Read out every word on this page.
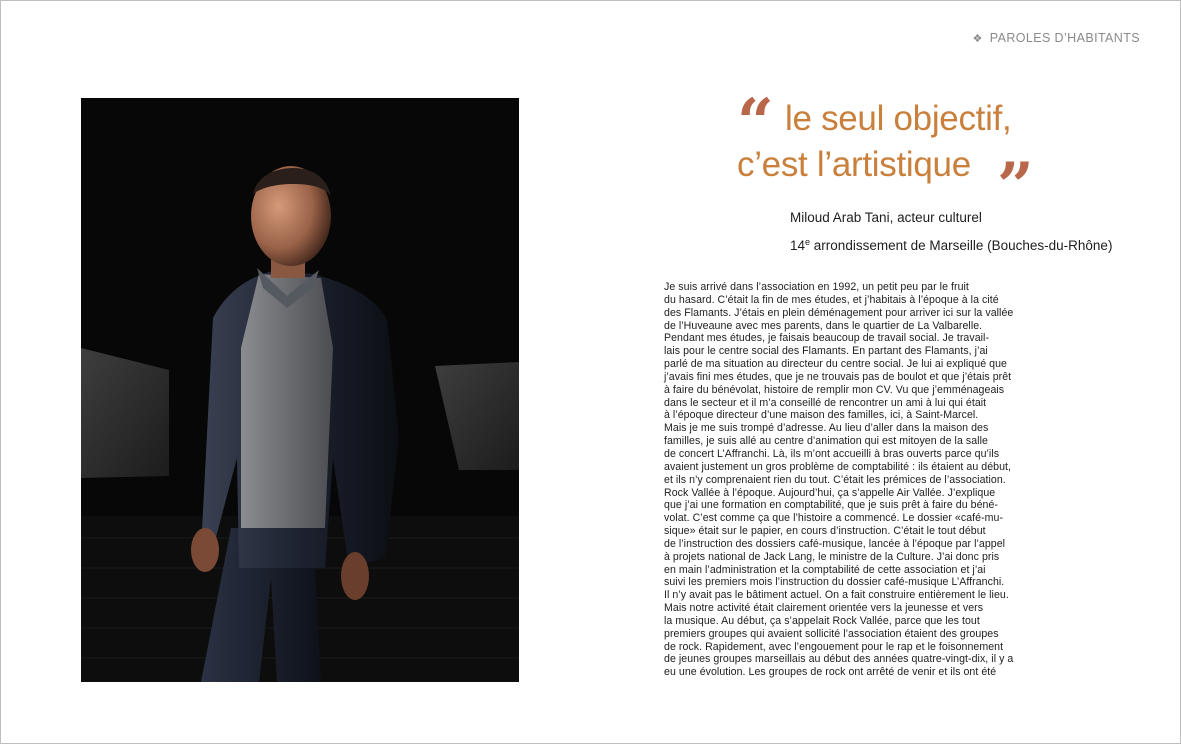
❖ PAROLES D’HABITANTS
“ le seul objectif,
c’est l’artistique ”
Miloud Arab Tani, acteur culturel
14e arrondissement de Marseille (Bouches-du-Rhône)

Je suis arrivé dans l’association en 1992, un petit peu par le fruit

du hasard. C’était la fin de mes études, et j’habitais à l’époque à la cité

des Flamants. J’étais en plein déménagement pour arriver ici sur la vallée

de l’Huveaune avec mes parents, dans le quartier de La Valbarelle.

Pendant mes études, je faisais beaucoup de travail social. Je travail-

lais pour le centre social des Flamants. En partant des Flamants, j’ai

parlé de ma situation au directeur du centre social. Je lui ai expliqué que

j’avais fini mes études, que je ne trouvais pas de boulot et que j’étais prêt

à faire du bénévolat, histoire de remplir mon CV. Vu que j’emménageais

dans le secteur et il m’a conseillé de rencontrer un ami à lui qui était

à l’époque directeur d’une maison des familles, ici, à Saint-Marcel.

Mais je me suis trompé d’adresse. Au lieu d’aller dans la maison des

familles, je suis allé au centre d’animation qui est mitoyen de la salle

de concert L’Affranchi. Là, ils m’ont accueilli à bras ouverts parce qu’ils

avaient justement un gros problème de comptabilité : ils étaient au début,

et ils n’y comprenaient rien du tout. C’était les prémices de l’association.

Rock Vallée à l’époque. Aujourd’hui, ça s’appelle Air Vallée. J’explique

que j’ai une formation en comptabilité, que je suis prêt à faire du béné-

volat. C’est comme ça que l’histoire a commencé. Le dossier «café-mu-

sique» était sur le papier, en cours d’instruction. C’était le tout début

de l’instruction des dossiers café-musique, lancée à l’époque par l’appel

à projets national de Jack Lang, le ministre de la Culture. J’ai donc pris

en main l’administration et la comptabilité de cette association et j’ai

suivi les premiers mois l’instruction du dossier café-musique L’Affranchi.

Il n’y avait pas le bâtiment actuel. On a fait construire entièrement le lieu.

Mais notre activité était clairement orientée vers la jeunesse et vers

la musique. Au début, ça s’appelait Rock Vallée, parce que les tout

premiers groupes qui avaient sollicité l’association étaient des groupes

de rock. Rapidement, avec l’engouement pour le rap et le foisonnement

de jeunes groupes marseillais au début des années quatre-vingt-dix, il y a

eu une évolution. Les groupes de rock ont arrêté de venir et ils ont été
